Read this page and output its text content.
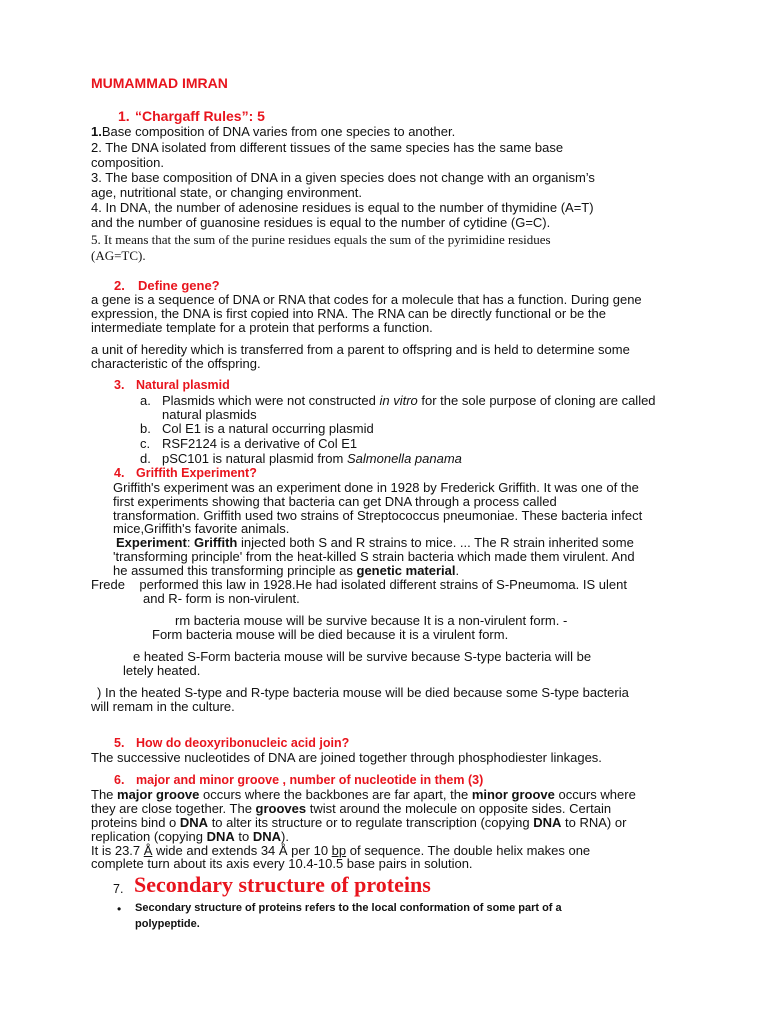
MUMAMMAD IMRAN
1. “Chargaff Rules”: 5
1.Base composition of DNA varies from one species to another.
2. The DNA isolated from different tissues of the same species has the same base
composition.
3. The base composition of DNA in a given species does not change with an organism’s
age, nutritional state, or changing environment.
4. In DNA, the number of adenosine residues is equal to the number of thymidine (A=T)
and the number of guanosine residues is equal to the number of cytidine (G=C).
5. It means that the sum of the purine residues equals the sum of the pyrimidine residues
(AG=TC).
2. Define gene?
a gene is a sequence of DNA or RNA that codes for a molecule that has a function. During gene
expression, the DNA is first copied into RNA. The RNA can be directly functional or be the
intermediate template for a protein that performs a function.
a unit of heredity which is transferred from a parent to offspring and is held to determine some
characteristic of the offspring.
3. Natural plasmid
a. Plasmids which were not constructed in vitro for the sole purpose of cloning are called
natural plasmids
b. Col E1 is a natural occurring plasmid
c. RSF2124 is a derivative of Col E1
d. pSC101 is natural plasmid from Salmonella panama
4. Griffith Experiment?
Griffith's experiment was an experiment done in 1928 by Frederick Griffith. It was one of the
first experiments showing that bacteria can get DNA through a process called
transformation. Griffith used two strains of Streptococcus pneumoniae. These bacteria infect
mice,Griffith's favorite animals.
Experiment: Griffith injected both S and R strains to mice. ... The R strain inherited some
'transforming principle' from the heat-killed S strain bacteria which made them virulent. And
he assumed this transforming principle as genetic material.
Frede    performed this law in 1928.He had isolated different strains of S-Pneumoma. IS ulent
and R- form is non-virulent.
rm bacteria mouse will be survive because It is a non-virulent form. -
Form bacteria mouse will be died because it is a virulent form.
e heated S-Form bacteria mouse will be survive because S-type bacteria will be
letely heated.
) In the heated S-type and R-type bacteria mouse will be died because some S-type bacteria
will remam in the culture.
5. How do deoxyribonucleic acid join?
The successive nucleotides of DNA are joined together through phosphodiester linkages.
6. major and minor groove , number of nucleotide in them (3)
The major groove occurs where the backbones are far apart, the minor groove occurs where
they are close together. The grooves twist around the molecule on opposite sides. Certain
proteins bind o DNA to alter its structure or to regulate transcription (copying DNA to RNA) or
replication (copying DNA to DNA).
It is 23.7 Å wide and extends 34 Å per 10 bp of sequence. The double helix makes one
complete turn about its axis every 10.4-10.5 base pairs in solution.
7. Secondary structure of proteins
• Secondary structure of proteins refers to the local conformation of some part of a
polypeptide.
